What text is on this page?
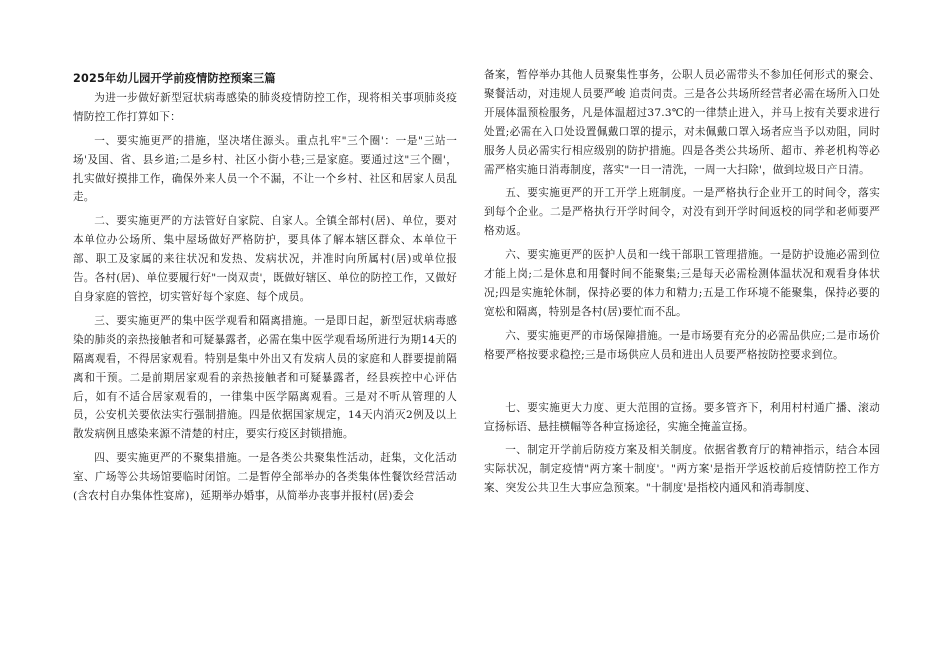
2025年幼儿园开学前疫情防控预案三篇

为进一步做好新型冠状病毒感染的肺炎疫情防控工作，现将相关事项肺炎疫情防控工作打算如下：

一、要实施更严的措施，坚决堵住源头。重点扎牢"三个圈'：一是"三站一场'及国、省、县乡道;二是乡村、社区小街小巷;三是家庭。要通过这"三个圈'，扎实做好摸排工作，确保外来人员一个不漏，不让一个乡村、社区和居家人员乱走。

二、要实施更严的方法管好自家院、自家人。全镇全部村(居)、单位，要对本单位办公场所、集中屋场做好严格防护，要具体了解本辖区群众、本单位干部、职工及家属的来往状况和发热、发病状况，并准时向所属村(居)或单位报告。各村(居)、单位要履行好"一岗双责'，既做好辖区、单位的防控工作，又做好自身家庭的管控，切实管好每个家庭、每个成员。

三、要实施更严的集中医学观看和隔离措施。一是即日起，新型冠状病毒感染的肺炎的亲热接触者和可疑暴露者，必需在集中医学观看场所进行为期14天的隔离观看，不得居家观看。特别是集中外出又有发病人员的家庭和人群要提前隔离和干预。二是前期居家观看的亲热接触者和可疑暴露者，经县疾控中心评估后，如有不适合居家观看的，一律集中医学隔离观看。三是对不听从管理的人员，公安机关要依法实行强制措施。四是依据国家规定，14天内消灭2例及以上散发病例且感染来源不清楚的村庄，要实行疫区封锁措施。

四、要实施更严的不聚集措施。一是各类公共聚集性活动，赶集，文化活动室、广场等公共场馆要临时闭馆。二是暂停全部举办的各类集体性餐饮经营活动(含农村自办集体性宴席)，延期举办婚事，从简举办丧事并报村(居)委会

备案，暂停举办其他人员聚集性事务，公职人员必需带头不参加任何形式的聚会、聚餐活动，对违规人员要严峻 追责问责。三是各公共场所经营者必需在场所入口处开展体温预检服务，凡是体温超过37.3℃的一律禁止进入，并马上按有关要求进行处置;必需在入口处设置佩戴口罩的提示，对未佩戴口罩入场者应当予以劝阻，同时服务人员必需实行相应级别的防护措施。四是各类公共场所、超市、养老机构等必需严格实施日消毒制度，落实"一日一清洗，一周一大扫除'，做到垃圾日产日清。

五、要实施更严的开工开学上班制度。一是严格执行企业开工的时间令，落实到每个企业。二是严格执行开学时间令，对没有到开学时间返校的同学和老师要严格劝返。

六、要实施更严的医护人员和一线干部职工管理措施。一是防护设施必需到位才能上岗;二是休息和用餐时间不能聚集;三是每天必需检测体温状况和观看身体状况;四是实施轮休制，保持必要的体力和精力;五是工作环境不能聚集，保持必要的宽松和隔离，特别是各村(居)要忙而不乱。

六、要实施更严的市场保障措施。一是市场要有充分的必需品供应;二是市场价格要严格按要求稳控;三是市场供应人员和进出人员要严格按防控要求到位。

七、要实施更大力度、更大范围的宣扬。要多管齐下，利用村村通广播、滚动宣扬标语、悬挂横幅等各种宣扬途径，实施全掩盖宣扬。

一、制定开学前后防疫方案及相关制度。依据省教育厅的精神指示，结合本园实际状况，制定疫情"两方案十制度'。"两方案'是指开学返校前后疫情防控工作方案、突发公共卫生大事应急预案。"十制度'是指校内通风和消毒制度、
